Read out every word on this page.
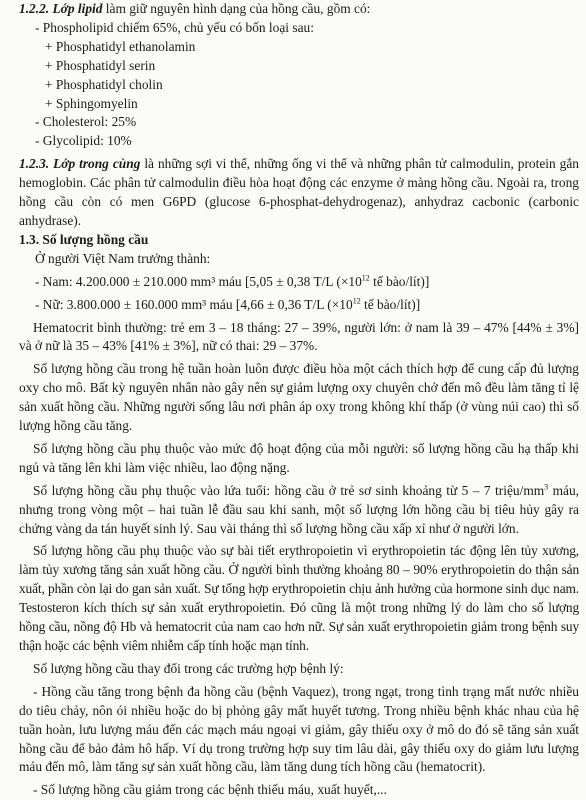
1.2.2. Lớp lipid làm giữ nguyên hình dạng của hồng cầu, gồm có:

- Phospholipid chiếm 65%, chủ yếu có bốn loại sau:
+ Phosphatidyl ethanolamin
+ Phosphatidyl serin
+ Phosphatidyl cholin
+ Sphingomyelin
- Cholesterol: 25%
- Glycolipid: 10%

1.2.3. Lớp trong cùng là những sợi vi thể, những ống vi thể và những phân tử calmodulin, protein gắn hemoglobin. Các phân tử calmodulin điều hòa hoạt động các enzyme ở màng hồng cầu. Ngoài ra, trong hồng cầu còn có men G6PD (glucose 6-phosphat-dehydrogenaz), anhydraz cacbonic (carbonic anhydrase).

1.3. Số lượng hồng cầu
Ở người Việt Nam trưởng thành:
- Nam: 4.200.000 ± 210.000 mm³ máu [5,05 ± 0,38 T/L ($\times 10^{12}$ tế bào/lít)]
- Nữ: 3.800.000 ± 160.000 mm³ máu [4,66 ± 0,36 T/L ($\times 10^{12}$ tế bào/lít)]

Hematocrit bình thường: trẻ em 3 – 18 tháng: 27 – 39%, người lớn: ở nam là 39 – 47% [44% ± 3%] và ở nữ là 35 – 43% [41% ± 3%], nữ có thai: 29 – 37%.

Số lượng hồng cầu trong hệ tuần hoàn luôn được điều hòa một cách thích hợp để cung cấp đủ lượng oxy cho mô. Bất kỳ nguyên nhân nào gây nên sự giảm lượng oxy chuyên chở đến mô đều làm tăng tỉ lệ sản xuất hồng cầu. Những người sống lâu nơi phân áp oxy trong không khí thấp (ở vùng núi cao) thì số lượng hồng cầu tăng.

Số lượng hồng cầu phụ thuộc vào mức độ hoạt động của mỗi người: số lượng hồng cầu hạ thấp khi ngủ và tăng lên khi làm việc nhiều, lao động nặng.

Số lượng hồng cầu phụ thuộc vào lứa tuổi: hồng cầu ở trẻ sơ sinh khoảng từ 5 – 7 triệu/$mm^3$ máu, nhưng trong vòng một – hai tuần lễ đầu sau khi sanh, một số lượng lớn hồng cầu bị tiêu hủy gây ra chứng vàng da tán huyết sinh lý. Sau vài tháng thì số lượng hồng cầu xấp xỉ như ở người lớn.

Số lượng hồng cầu phụ thuộc vào sự bài tiết erythropoietin vì erythropoietin tác động lên tủy xương, làm tủy xương tăng sản xuất hồng cầu. Ở người bình thường khoảng 80 – 90% erythropoietin do thận sản xuất, phần còn lại do gan sản xuất. Sự tổng hợp erythropoietin chịu ảnh hưởng của hormone sinh dục nam. Testosteron kích thích sự sản xuất erythropoietin. Đó cũng là một trong những lý do làm cho số lượng hồng cầu, nồng độ Hb và hematocrit của nam cao hơn nữ. Sự sản xuất erythropoietin giảm trong bệnh suy thận hoặc các bệnh viêm nhiễm cấp tính hoặc mạn tính.

Số lượng hồng cầu thay đổi trong các trường hợp bệnh lý:

- Hồng cầu tăng trong bệnh đa hồng cầu (bệnh Vaquez), trong ngạt, trong tình trạng mất nước nhiều do tiêu chảy, nôn ói nhiều hoặc do bị phỏng gây mất huyết tương. Trong nhiều bệnh khác nhau của hệ tuần hoàn, lưu lượng máu đến các mạch máu ngoại vi giảm, gây thiếu oxy ở mô do đó sẽ tăng sản xuất hồng cầu để bảo đảm hô hấp. Ví dụ trong trường hợp suy tim lâu dài, gây thiếu oxy do giảm lưu lượng máu đến mô, làm tăng sự sản xuất hồng cầu, làm tăng dung tích hồng cầu (hematocrit).

- Số lượng hồng cầu giảm trong các bệnh thiếu máu, xuất huyết,...
